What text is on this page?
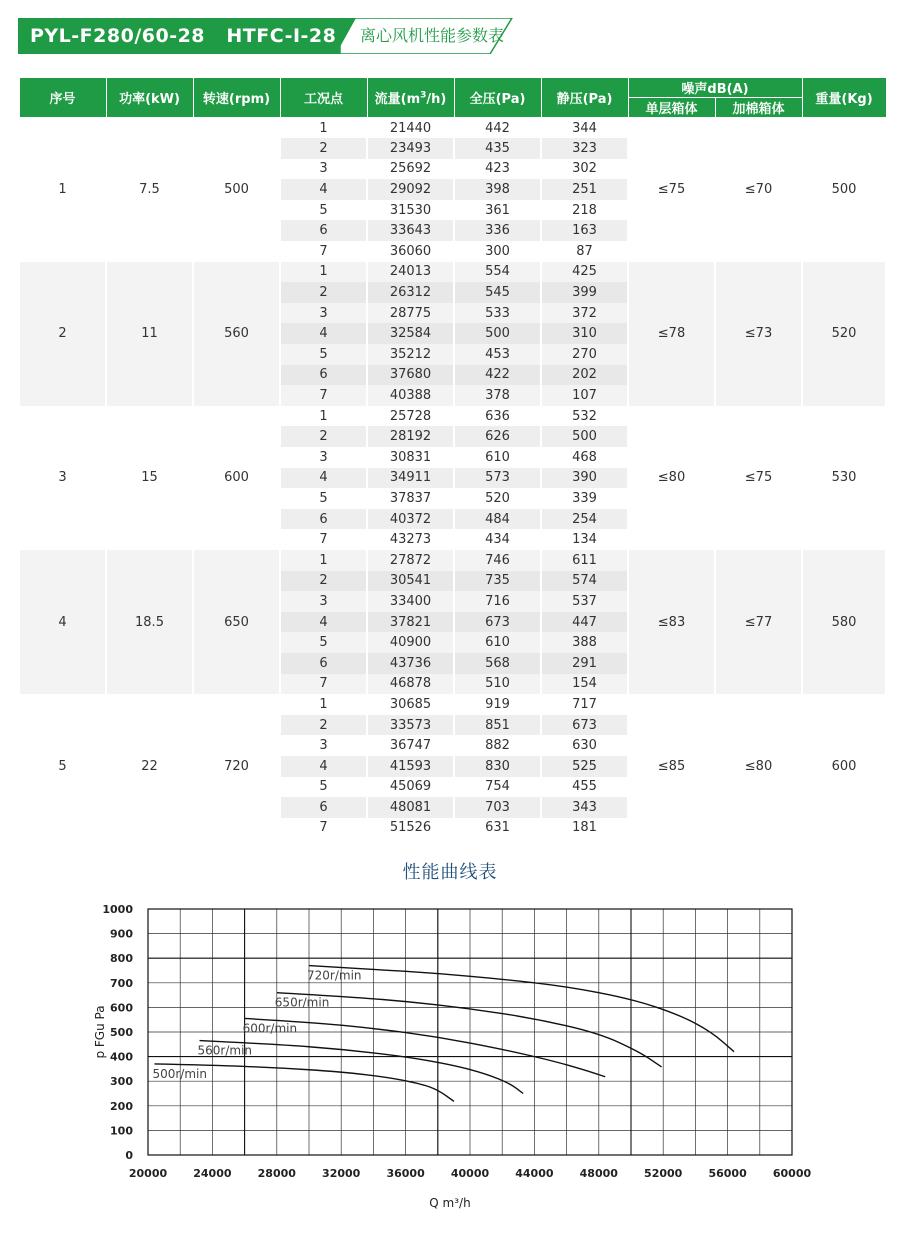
PYL-F280/60-28   HTFC-I-28 离心风机性能参数表
序号	功率(kW)	转速(rpm)	工况点	流量$(m^3/h)$	全压(Pa)	静压(Pa)	噪声dB(A)		重量(Kg)
							单层箱体	加棉箱体	
1	7.5	500	1	21440	442	344	≤75	≤70	500
			2	23493	435	323			
			3	25692	423	302			
			4	29092	398	251			
			5	31530	361	218			
			6	33643	336	163			
			7	36060	300	87			
2	11	560	1	24013	554	425	≤78	≤73	520
			2	26312	545	399			
			3	28775	533	372			
			4	32584	500	310			
			5	35212	453	270			
			6	37680	422	202			
			7	40388	378	107			
3	15	600	1	25728	636	532	≤80	≤75	530
			2	28192	626	500			
			3	30831	610	468			
			4	34911	573	390			
			5	37837	520	339			
			6	40372	484	254			
			7	43273	434	134			
4	18.5	650	1	27872	746	611	≤83	≤77	580
			2	30541	735	574			
			3	33400	716	537			
			4	37821	673	447			
			5	40900	610	388			
			6	43736	568	291			
			7	46878	510	154			
5	22	720	1	30685	919	717	≤85	≤80	600
			2	33573	851	673			
			3	36747	882	630			
			4	41593	830	525			
			5	45069	754	455			
			6	48081	703	343			
			7	51526	631	181			
性能曲线表
0
100
200
300
400
500
600
700
800
900
1000
20000 24000 28000 32000 36000 40000 44000 48000 52000 56000 60000
Q m³/h
p FGu Pa
500r/min
560r/min
600r/min
650r/min
720r/min
